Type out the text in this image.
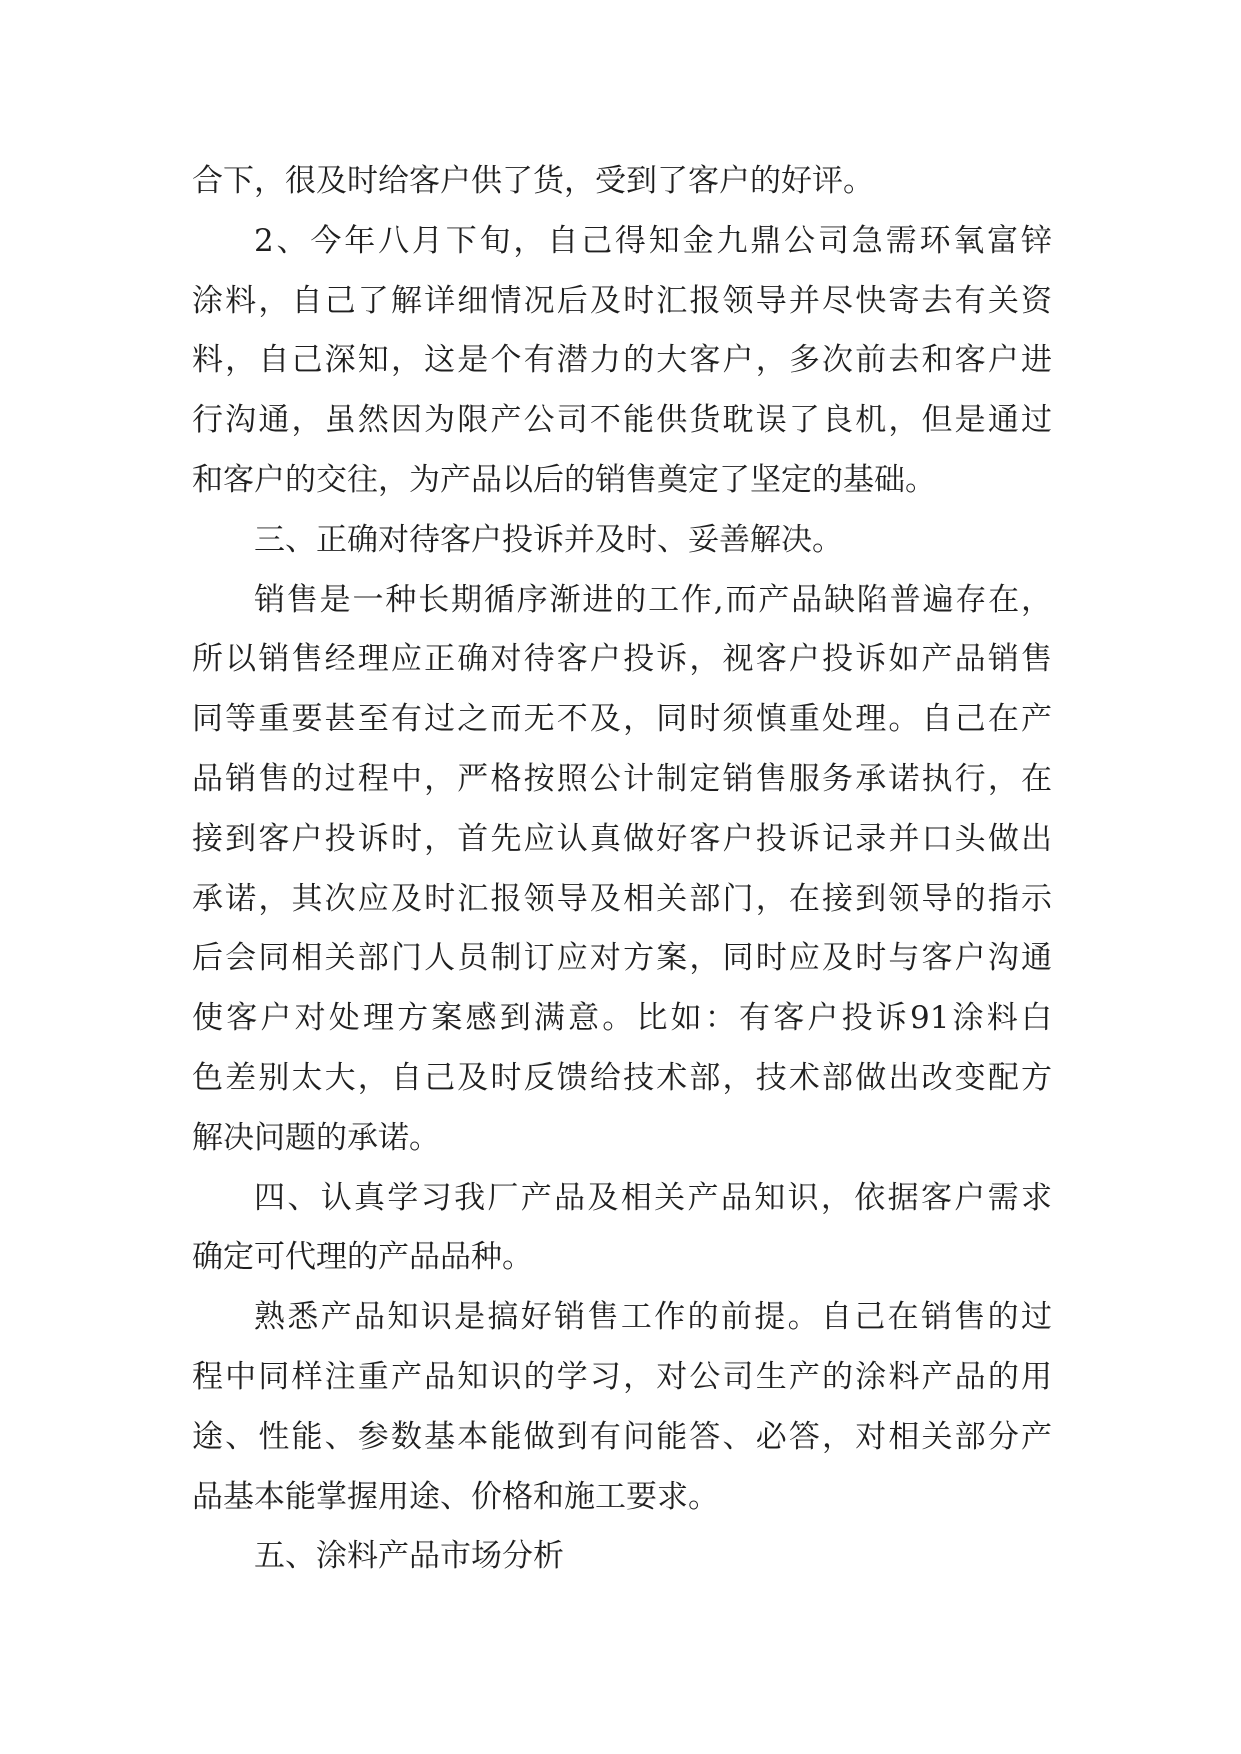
合下，很及时给客户供了货，受到了客户的好评。
2、今年八月下旬，自己得知金九鼎公司急需环氧富锌
涂料，自己了解详细情况后及时汇报领导并尽快寄去有关资
料，自己深知，这是个有潜力的大客户，多次前去和客户进
行沟通，虽然因为限产公司不能供货耽误了良机，但是通过
和客户的交往，为产品以后的销售奠定了坚定的基础。
三、正确对待客户投诉并及时、妥善解决。
销售是一种长期循序渐进的工作,而产品缺陷普遍存在，
所以销售经理应正确对待客户投诉，视客户投诉如产品销售
同等重要甚至有过之而无不及，同时须慎重处理。自己在产
品销售的过程中，严格按照公计制定销售服务承诺执行，在
接到客户投诉时，首先应认真做好客户投诉记录并口头做出
承诺，其次应及时汇报领导及相关部门，在接到领导的指示
后会同相关部门人员制订应对方案，同时应及时与客户沟通
使客户对处理方案感到满意。比如：有客户投诉91涂料白
色差别太大，自己及时反馈给技术部，技术部做出改变配方
解决问题的承诺。
四、认真学习我厂产品及相关产品知识，依据客户需求
确定可代理的产品品种。
熟悉产品知识是搞好销售工作的前提。自己在销售的过
程中同样注重产品知识的学习，对公司生产的涂料产品的用
途、性能、参数基本能做到有问能答、必答，对相关部分产
品基本能掌握用途、价格和施工要求。
五、涂料产品市场分析
